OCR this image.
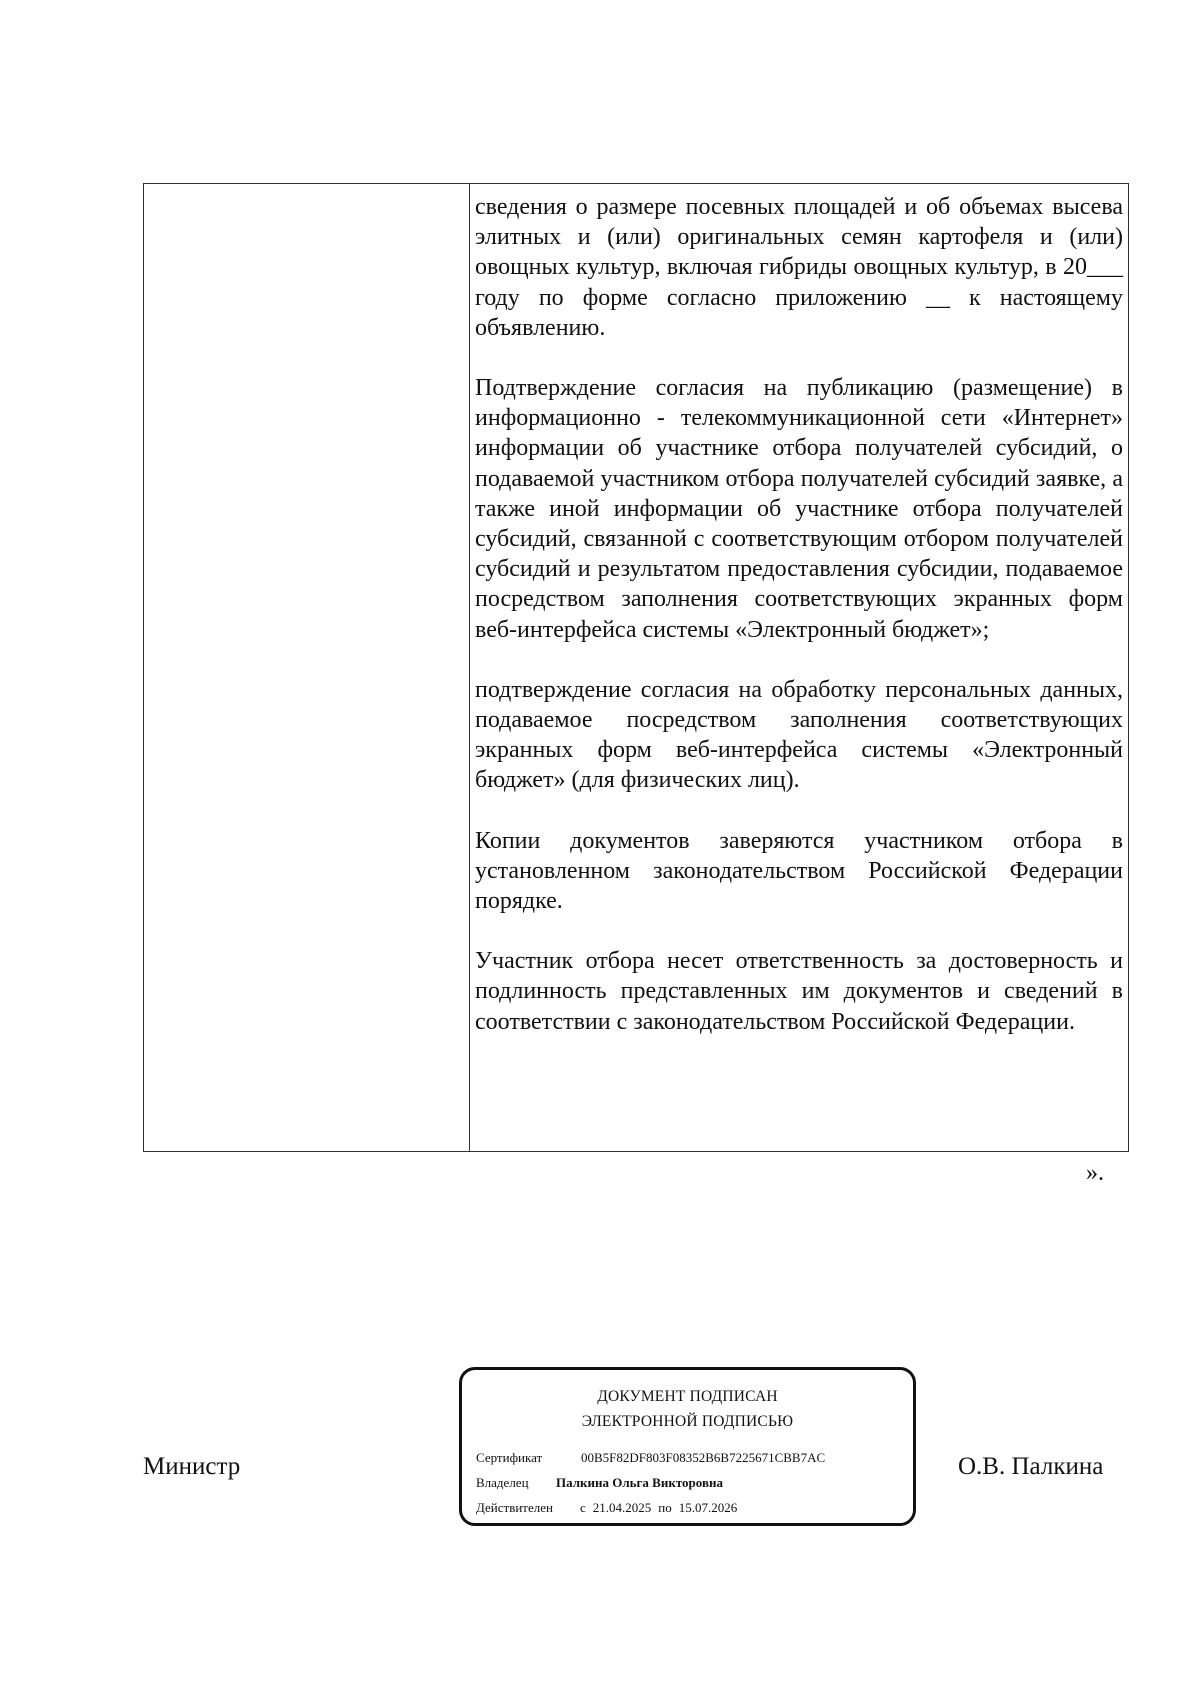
сведения о размере посевных площадей и об объемах высева элитных и (или) оригинальных семян картофеля и (или) овощных культур, включая гибриды овощных культур, в 20___ году по форме согласно приложению __ к настоящему объявлению.

Подтверждение согласия на публикацию (размещение) в информационно - телекоммуникационной сети «Интернет» информации об участнике отбора получателей субсидий, о подаваемой участником отбора получателей субсидий заявке, а также иной информации об участнике отбора получателей субсидий, связанной с соответствующим отбором получателей субсидий и результатом предоставления субсидии, подаваемое посредством заполнения соответствующих экранных форм веб-интерфейса системы «Электронный бюджет»;

подтверждение согласия на обработку персональных данных, подаваемое посредством заполнения соответствующих экранных форм веб-интерфейса системы «Электронный бюджет» (для физических лиц).

Копии документов заверяются участником отбора в установленном законодательством Российской Федерации порядке.

Участник отбора несет ответственность за достоверность и подлинность представленных им документов и сведений в соответствии с законодательством Российской Федерации.

».
Министр	О.В. Палкина
ДОКУМЕНТ ПОДПИСАН
ЭЛЕКТРОННОЙ ПОДПИСЬЮ
Сертификат	00B5F82DF803F08352B6B7225671CBB7AC
Владелец	Палкина Ольга Викторовна
Действителен	с 21.04.2025 по 15.07.2026
